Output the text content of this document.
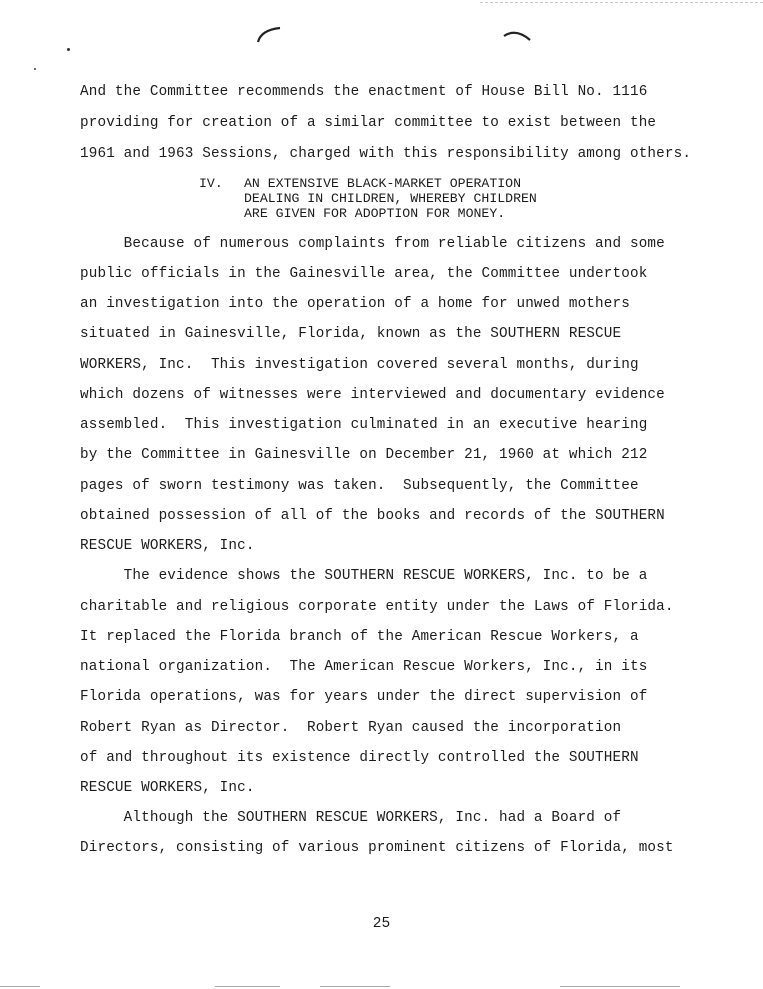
And the Committee recommends the enactment of House Bill No. 1116
providing for creation of a similar committee to exist between the
1961 and 1963 Sessions, charged with this responsibility among others.
IV. AN EXTENSIVE BLACK-MARKET OPERATION
DEALING IN CHILDREN, WHEREBY CHILDREN
ARE GIVEN FOR ADOPTION FOR MONEY.
Because of numerous complaints from reliable citizens and some
public officials in the Gainesville area, the Committee undertook
an investigation into the operation of a home for unwed mothers
situated in Gainesville, Florida, known as the SOUTHERN RESCUE
WORKERS, Inc.  This investigation covered several months, during
which dozens of witnesses were interviewed and documentary evidence
assembled.  This investigation culminated in an executive hearing
by the Committee in Gainesville on December 21, 1960 at which 212
pages of sworn testimony was taken.  Subsequently, the Committee
obtained possession of all of the books and records of the SOUTHERN
RESCUE WORKERS, Inc.
The evidence shows the SOUTHERN RESCUE WORKERS, Inc. to be a
charitable and religious corporate entity under the Laws of Florida.
It replaced the Florida branch of the American Rescue Workers, a
national organization.  The American Rescue Workers, Inc., in its
Florida operations, was for years under the direct supervision of
Robert Ryan as Director.  Robert Ryan caused the incorporation
of and throughout its existence directly controlled the SOUTHERN
RESCUE WORKERS, Inc.
Although the SOUTHERN RESCUE WORKERS, Inc. had a Board of
Directors, consisting of various prominent citizens of Florida, most
25
